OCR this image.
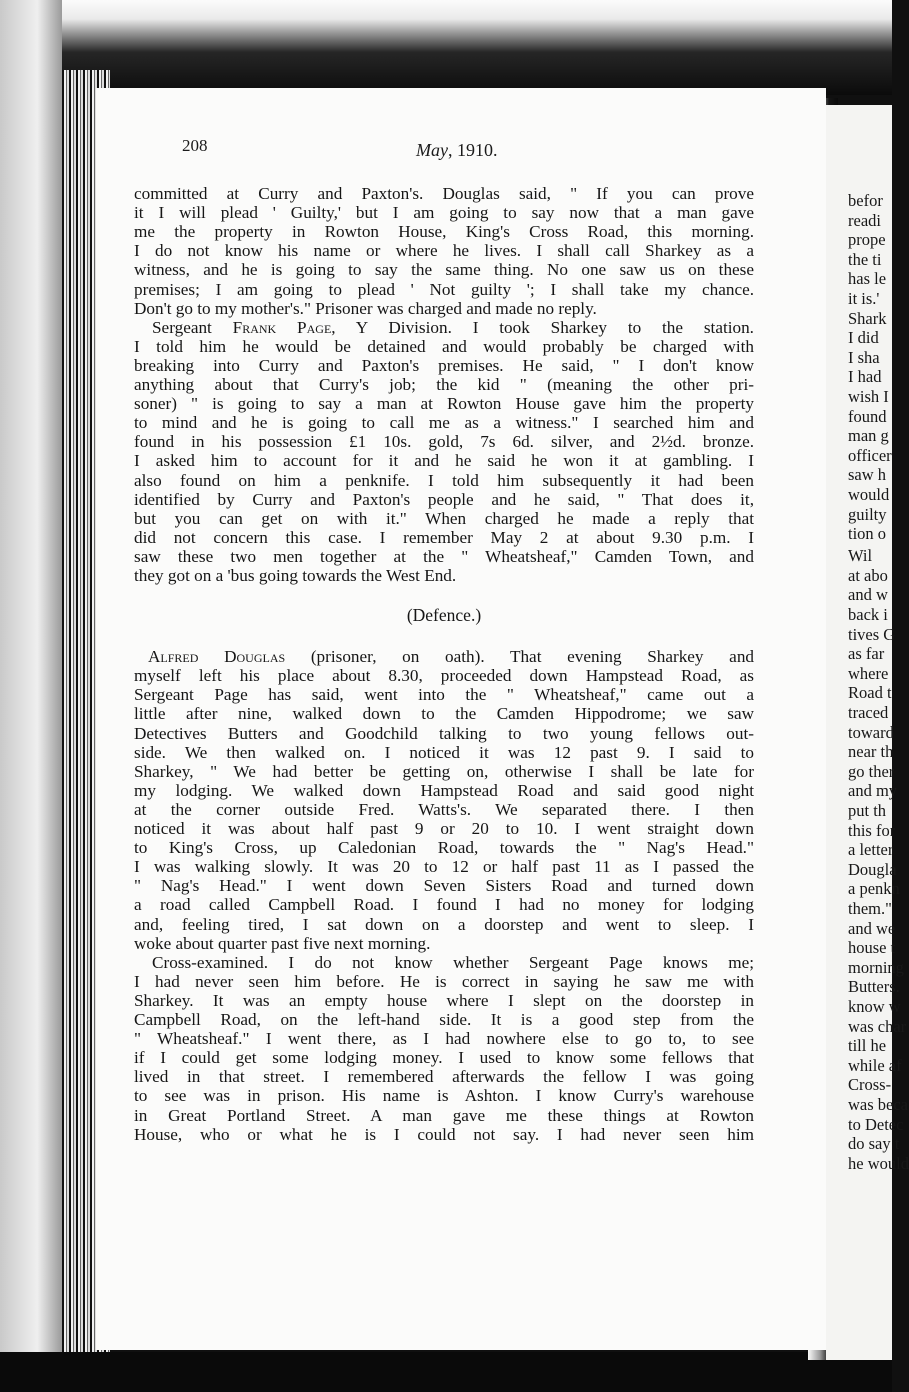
befor

readi

prope

the ti

has le

it is.'

Shark

I did

I sha

I had

wish I

found

man g

officer

saw h

would

guilty

tion o

Wil

at abo

and w

back i

tives G

as far

where

Road t

traced

toward

near th

go ther

and my

put th

this for

a letter

Dougla

a penkn

them."

and we

house t

morning

Butters.

know w

was char

till he

while af

Cross-

was beca

to Detec

do say t

he would

208	May, 1910.

committed at Curry and Paxton's. Douglas said, " If you can prove

it I will plead ' Guilty,' but I am going to say now that a man gave

me the property in Rowton House, King's Cross Road, this morning.

I do not know his name or where he lives. I shall call Sharkey as a

witness, and he is going to say the same thing. No one saw us on these

premises; I am going to plead ' Not guilty '; I shall take my chance.

Don't go to my mother's." Prisoner was charged and made no reply.

Sergeant Frank Page, Y Division. I took Sharkey to the station.

I told him he would be detained and would probably be charged with

breaking into Curry and Paxton's premises. He said, " I don't know

anything about that Curry's job; the kid " (meaning the other pri-

soner) " is going to say a man at Rowton House gave him the property

to mind and he is going to call me as a witness." I searched him and

found in his possession £1 10s. gold, 7s 6d. silver, and 2½d. bronze.

I asked him to account for it and he said he won it at gambling. I

also found on him a penknife. I told him subsequently it had been

identified by Curry and Paxton's people and he said, " That does it,

but you can get on with it." When charged he made a reply that

did not concern this case. I remember May 2 at about 9.30 p.m. I

saw these two men together at the " Wheatsheaf," Camden Town, and

they got on a 'bus going towards the West End.

(Defence.)

Alfred Douglas (prisoner, on oath). That evening Sharkey and

myself left his place about 8.30, proceeded down Hampstead Road, as

Sergeant Page has said, went into the " Wheatsheaf," came out a

little after nine, walked down to the Camden Hippodrome; we saw

Detectives Butters and Goodchild talking to two young fellows out-

side. We then walked on. I noticed it was 12 past 9. I said to

Sharkey, " We had better be getting on, otherwise I shall be late for

my lodging. We walked down Hampstead Road and said good night

at the corner outside Fred. Watts's. We separated there. I then

noticed it was about half past 9 or 20 to 10. I went straight down

to King's Cross, up Caledonian Road, towards the " Nag's Head."

I was walking slowly. It was 20 to 12 or half past 11 as I passed the

" Nag's Head." I went down Seven Sisters Road and turned down

a road called Campbell Road. I found I had no money for lodging

and, feeling tired, I sat down on a doorstep and went to sleep. I

woke about quarter past five next morning.

Cross-examined. I do not know whether Sergeant Page knows me;

I had never seen him before. He is correct in saying he saw me with

Sharkey. It was an empty house where I slept on the doorstep in

Campbell Road, on the left-hand side. It is a good step from the

" Wheatsheaf." I went there, as I had nowhere else to go to, to see

if I could get some lodging money. I used to know some fellows that

lived in that street. I remembered afterwards the fellow I was going

to see was in prison. His name is Ashton. I know Curry's warehouse

in Great Portland Street. A man gave me these things at Rowton

House, who or what he is I could not say. I had never seen him
